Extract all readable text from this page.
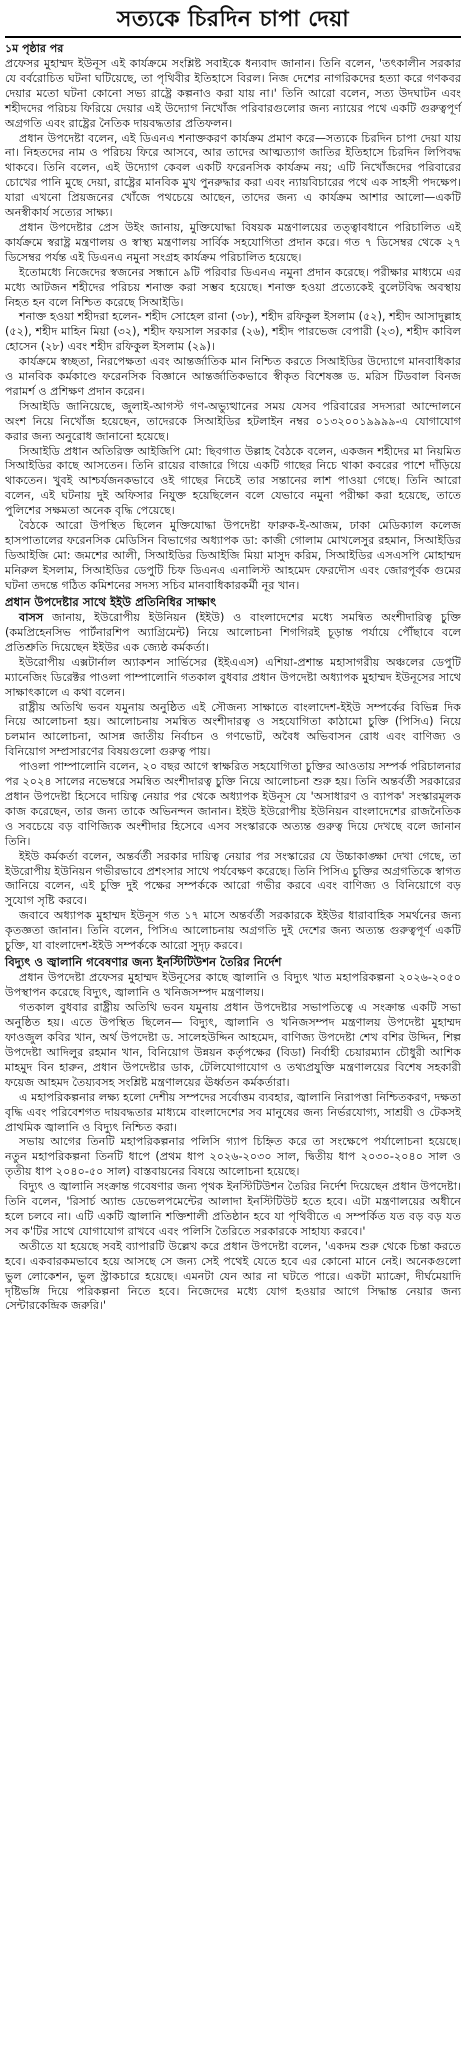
সত্যকে চিরদিন চাপা দেয়া
১ম পৃষ্ঠার পর

প্রফেসর মুহাম্মদ ইউনূস এই কার্যক্রমে সংশ্লিষ্ট সবাইকে ধন্যবাদ জানান। তিনি বলেন, 'তৎকালীন সরকার যে বর্বরোচিত ঘটনা ঘটিয়েছে, তা পৃথিবীর ইতিহাসে বিরল। নিজ দেশের নাগরিকদের হত্যা করে গণকবর দেয়ার মতো ঘটনা কোনো সভ্য রাষ্ট্রে কল্পনাও করা যায় না।' তিনি আরো বলেন, সত্য উদঘাটন এবং শহীদদের পরিচয় ফিরিয়ে দেয়ার এই উদ্যোগ নিখোঁজ পরিবারগুলোর জন্য ন্যায়ের পথে একটি গুরুত্বপূর্ণ অগ্রগতি এবং রাষ্ট্রের নৈতিক দায়বদ্ধতার প্রতিফলন।

প্রধান উপদেষ্টা বলেন, এই ডিএনএ শনাক্তকরণ কার্যক্রম প্রমাণ করে—সত্যকে চিরদিন চাপা দেয়া যায় না। নিহতদের নাম ও পরিচয় ফিরে আসবে, আর তাদের আত্মত্যাগ জাতির ইতিহাসে চিরদিন লিপিবদ্ধ থাকবে। তিনি বলেন, এই উদ্যোগ কেবল একটি ফরেনসিক কার্যক্রম নয়; এটি নিখোঁজদের পরিবারের চোখের পানি মুছে দেয়া, রাষ্ট্রের মানবিক মুখ পুনরুদ্ধার করা এবং ন্যায়বিচারের পথে এক সাহসী পদক্ষেপ। যারা এখনো প্রিয়জনের খোঁজে পথচেয়ে আছেন, তাদের জন্য এ কার্যক্রম আশার আলো—একটি অনস্বীকার্য সত্যের সাক্ষ্য।

প্রধান উপদেষ্টার প্রেস উইং জানায়, মুক্তিযোদ্ধা বিষয়ক মন্ত্রণালয়ের তত্ত্বাবধানে পরিচালিত এই কার্যক্রমে স্বরাষ্ট্র মন্ত্রণালয় ও স্বাস্থ্য মন্ত্রণালয় সার্বিক সহযোগিতা প্রদান করে। গত ৭ ডিসেম্বর থেকে ২৭ ডিসেম্বর পর্যন্ত এই ডিএনএ নমুনা সংগ্রহ কার্যক্রম পরিচালিত হয়েছে।

ইতোমধ্যে নিজেদের স্বজনের সন্ধানে ৯টি পরিবার ডিএনএ নমুনা প্রদান করেছে। পরীক্ষার মাধ্যমে এর মধ্যে আটজন শহীদের পরিচয় শনাক্ত করা সম্ভব হয়েছে। শনাক্ত হওয়া প্রত্যেকেই বুলেটবিদ্ধ অবস্থায় নিহত হন বলে নিশ্চিত করেছে সিআইডি।

শনাক্ত হওয়া শহীদরা হলেন- শহীদ সোহেল রানা (৩৮), শহীদ রফিকুল ইসলাম (৫২), শহীদ আসাদুল্লাহ (৫২), শহীদ মাহিন মিয়া (৩২), শহীদ ফয়সাল সরকার (২৬), শহীদ পারভেজ বেপারী (২৩), শহীদ কাবিল হোসেন (২৮) এবং শহীদ রফিকুল ইসলাম (২৯)।

কার্যক্রমে স্বচ্ছতা, নিরপেক্ষতা এবং আন্তর্জাতিক মান নিশ্চিত করতে সিআইডির উদ্যোগে মানবাধিকার ও মানবিক কর্মকাণ্ডে ফরেনসিক বিজ্ঞানে আন্তর্জাতিকভাবে স্বীকৃত বিশেষজ্ঞ ড. মরিস টিডবাল বিনজ পরামর্শ ও প্রশিক্ষণ প্রদান করেন।

সিআইডি জানিয়েছে, জুলাই-আগস্ট গণ-অভ্যুত্থানের সময় যেসব পরিবারের সদস্যরা আন্দোলনে অংশ নিয়ে নিখোঁজ হয়েছেন, তাদেরকে সিআইডির হটলাইন নম্বর ০১৩২০০১৯৯৯৯-এ যোগাযোগ করার জন্য অনুরোধ জানানো হয়েছে।

সিআইডি প্রধান অতিরিক্ত আইজিপি মো: ছিবগাত উল্লাহ বৈঠকে বলেন, একজন শহীদের মা নিয়মিত সিআইডির কাছে আসতেন। তিনি রায়ের বাজারে গিয়ে একটি গাছের নিচে থাকা কবরের পাশে দাঁড়িয়ে থাকতেন। খুবই আশ্চর্যজনকভাবে ওই গাছের নিচেই তার সন্তানের লাশ পাওয়া গেছে। তিনি আরো বলেন, এই ঘটনায় দুই অফিসার নিযুক্ত হয়েছিলেন বলে যেভাবে নমুনা পরীক্ষা করা হয়েছে, তাতে পুলিশের সক্ষমতা অনেক বৃদ্ধি পেয়েছে।

বৈঠকে আরো উপস্থিত ছিলেন মুক্তিযোদ্ধা উপদেষ্টা ফারুক-ই-আজম, ঢাকা মেডিক্যাল কলেজ হাসপাতালের ফরেনসিক মেডিসিন বিভাগের অধ্যাপক ডা: কাজী গোলাম মোখলেসুর রহমান, সিআইডির ডিআইজি মো: জমশের আলী, সিআইডির ডিআইজি মিয়া মাসুদ করিম, সিআইডির এসএসপি মোহাম্মদ মনিরুল ইসলাম, সিআইডির ডেপুটি চিফ ডিএনএ এনালিস্ট আহমেদ ফেরদৌস এবং জোরপূর্বক গুমের ঘটনা তদন্তে গঠিত কমিশনের সদস্য সচিব মানবাধিকারকর্মী নূর খান।

প্রধান উপদেষ্টার সাথে ইইউ প্রতিনিধির সাক্ষাৎ

বাসস জানায়, ইউরোপীয় ইউনিয়ন (ইইউ) ও বাংলাদেশের মধ্যে সমন্বিত অংশীদারিত্ব চুক্তি (কমপ্রিহেনসিভ পার্টনারশিপ অ্যাগ্রিমেন্ট) নিয়ে আলোচনা শিগগিরই চূড়ান্ত পর্যায়ে পৌঁছাবে বলে প্রতিশ্রুতি দিয়েছেন ইইউর এক জ্যেষ্ঠ কর্মকর্তা।

ইউরোপীয় এক্সটার্নাল অ্যাকশন সার্ভিসের (ইইএএস) এশিয়া-প্রশান্ত মহাসাগরীয় অঞ্চলের ডেপুটি ম্যানেজিং ডিরেক্টর পাওলা পাম্পালোনি গতকাল বুধবার প্রধান উপদেষ্টা অধ্যাপক মুহাম্মদ ইউনূসের সাথে সাক্ষাৎকালে এ কথা বলেন।

রাষ্ট্রীয় অতিথি ভবন যমুনায় অনুষ্ঠিত এই সৌজন্য সাক্ষাতে বাংলাদেশ-ইইউ সম্পর্কের বিভিন্ন দিক নিয়ে আলোচনা হয়। আলোচনায় সমন্বিত অংশীদারত্ব ও সহযোগিতা কাঠামো চুক্তি (পিসিএ) নিয়ে চলমান আলোচনা, আসন্ন জাতীয় নির্বাচন ও গণভোট, অবৈধ অভিবাসন রোধ এবং বাণিজ্য ও বিনিয়োগ সম্প্রসারণের বিষয়গুলো গুরুত্ব পায়।

পাওলা পাম্পালোনি বলেন, ২০ বছর আগে স্বাক্ষরিত সহযোগিতা চুক্তির আওতায় সম্পর্ক পরিচালনার পর ২০২৪ সালের নভেম্বরে সমন্বিত অংশীদারত্ব চুক্তি নিয়ে আলোচনা শুরু হয়। তিনি অন্তর্বর্তী সরকারের প্রধান উপদেষ্টা হিসেবে দায়িত্ব নেয়ার পর থেকে অধ্যাপক ইউনূস যে 'অসাধারণ ও ব্যাপক' সংস্কারমূলক কাজ করেছেন, তার জন্য তাকে অভিনন্দন জানান। ইইউ ইউরোপীয় ইউনিয়ন বাংলাদেশের রাজনৈতিক ও সবচেয়ে বড় বাণিজ্যিক অংশীদার হিসেবে এসব সংস্কারকে অত্যন্ত গুরুত্ব দিয়ে দেখছে বলে জানান তিনি।

ইইউ কর্মকর্তা বলেন, অন্তর্বর্তী সরকার দায়িত্ব নেয়ার পর সংস্কারের যে উচ্চাকাঙ্ক্ষা দেখা গেছে, তা ইউরোপীয় ইউনিয়ন গভীরভাবে প্রশংসার সাথে পর্যবেক্ষণ করেছে। তিনি পিসিএ চুক্তির অগ্রগতিকে স্বাগত জানিয়ে বলেন, এই চুক্তি দুই পক্ষের সম্পর্ককে আরো গভীর করবে এবং বাণিজ্য ও বিনিয়োগে বড় সুযোগ সৃষ্টি করবে।

জবাবে অধ্যাপক মুহাম্মদ ইউনূস গত ১৭ মাসে অন্তর্বর্তী সরকারকে ইইউর ধারাবাহিক সমর্থনের জন্য কৃতজ্ঞতা জানান। তিনি বলেন, পিসিএ আলোচনায় অগ্রগতি দুই দেশের জন্য অত্যন্ত গুরুত্বপূর্ণ একটি চুক্তি, যা বাংলাদেশ-ইইউ সম্পর্ককে আরো সুদৃঢ় করবে।

বিদ্যুৎ ও জ্বালানি গবেষণার জন্য ইনস্টিটিউশন তৈরির নির্দেশ

প্রধান উপদেষ্টা প্রফেসর মুহাম্মদ ইউনূসের কাছে জ্বালানি ও বিদ্যুৎ খাত মহাপরিকল্পনা ২০২৬-২০৫০ উপস্থাপন করেছে বিদ্যুৎ, জ্বালানি ও খনিজসম্পদ মন্ত্রণালয়।

গতকাল বুধবার রাষ্ট্রীয় অতিথি ভবন যমুনায় প্রধান উপদেষ্টার সভাপতিত্বে এ সংক্রান্ত একটি সভা অনুষ্ঠিত হয়। এতে উপস্থিত ছিলেন— বিদ্যুৎ, জ্বালানি ও খনিজসম্পদ মন্ত্রণালয় উপদেষ্টা মুহাম্মদ ফাওজুল কবির খান, অর্থ উপদেষ্টা ড. সালেহউদ্দিন আহমেদ, বাণিজ্য উপদেষ্টা শেখ বশির উদ্দিন, শিল্প উপদেষ্টা আদিলুর রহমান খান, বিনিয়োগ উন্নয়ন কর্তৃপক্ষের (বিডা) নির্বাহী চেয়ারম্যান চৌধুরী আশিক মাহমুদ বিন হারুন, প্রধান উপদেষ্টার ডাক, টেলিযোগাযোগ ও তথ্যপ্রযুক্তি মন্ত্রণালয়ের বিশেষ সহকারী ফয়েজ আহমদ তৈয়্যবসহ সংশ্লিষ্ট মন্ত্রণালয়ের ঊর্ধ্বতন কর্মকর্তারা।

এ মহাপরিকল্পনার লক্ষ্য হলো দেশীয় সম্পদের সর্বোত্তম ব্যবহার, জ্বালানি নিরাপত্তা নিশ্চিতকরণ, দক্ষতা বৃদ্ধি এবং পরিবেশগত দায়বদ্ধতার মাধ্যমে বাংলাদেশের সব মানুষের জন্য নির্ভরযোগ্য, সাশ্রয়ী ও টেকসই প্রাথমিক জ্বালানি ও বিদ্যুৎ নিশ্চিত করা।

সভায় আগের তিনটি মহাপরিকল্পনার পলিসি গ্যাপ চিহ্নিত করে তা সংক্ষেপে পর্যালোচনা হয়েছে। নতুন মহাপরিকল্পনা তিনটি ধাপে (প্রথম ধাপ ২০২৬-২০৩০ সাল, দ্বিতীয় ধাপ ২০৩০-২০৪০ সাল ও তৃতীয় ধাপ ২০৪০-৫০ সাল) বাস্তবায়নের বিষয়ে আলোচনা হয়েছে।

বিদ্যুৎ ও জ্বালানি সংক্রান্ত গবেষণার জন্য পৃথক ইনস্টিটিউশন তৈরির নির্দেশ দিয়েছেন প্রধান উপদেষ্টা। তিনি বলেন, 'রিসার্চ অ্যান্ড ডেভেলপমেন্টের আলাদা ইনস্টিটিউট হতে হবে। এটা মন্ত্রণালয়ের অধীনে হলে চলবে না। এটি একটি জ্বালানি শক্তিশালী প্রতিষ্ঠান হবে যা পৃথিবীতে এ সম্পর্কিত যত বড় বড় যত সব ক'টির সাথে যোগাযোগ রাখবে এবং পলিসি তৈরিতে সরকারকে সাহায্য করবে।'

অতীতে যা হয়েছে সবই ব্যাপারটি উল্লেখ করে প্রধান উপদেষ্টা বলেন, 'একদম শুরু থেকে চিন্তা করতে হবে। একবারকমভাবে হয়ে আসছে সে জন্য সেই পথেই যেতে হবে এর কোনো মানে নেই। অনেকগুলো ভুল লোকেশন, ভুল স্ট্রাকচারে হয়েছে। এমনটা যেন আর না ঘটতে পারে। একটা ম্যাক্রো, দীর্ঘমেয়াদি দৃষ্টিভঙ্গি দিয়ে পরিকল্পনা নিতে হবে। নিজেদের মধ্যে যোগ হওয়ার আগে সিদ্ধান্ত নেয়ার জন্য সেন্টারকেন্দ্রিক জরুরি।'
